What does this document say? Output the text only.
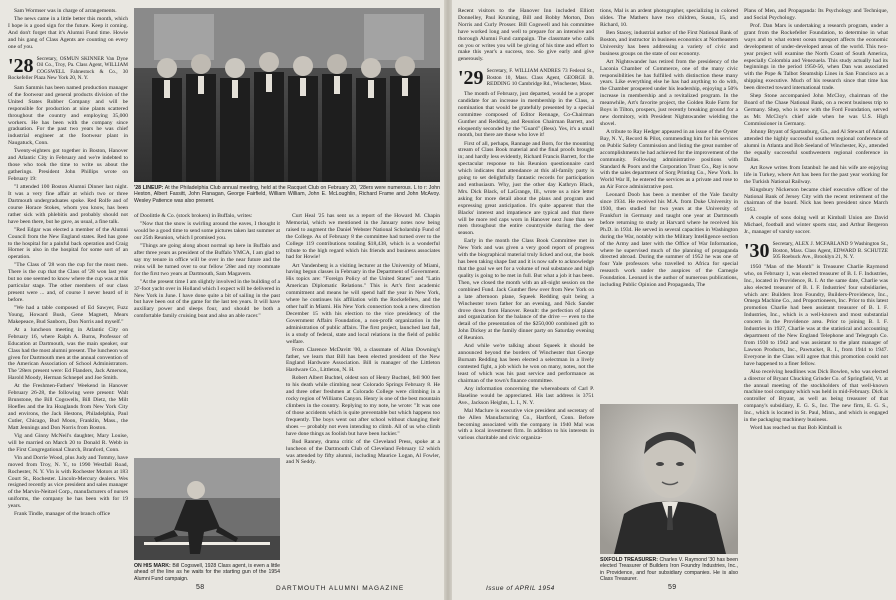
Sam Wormser was in charge of arrangements.

The news came in a little better this month, which I hope is a good sign for the future. Keep it coming. And don't forget that it's Alumni Fund time. Howie and his gang of Class Agents are counting on every one of you.

'28 Secretary, OSMUN SKINNER Van Dyne Oil Co., Troy, Pa. Class Agent, WILLIAM COGSWELL Fahnestock & Co., 30 Rockefeller Plaza New York 20, N. Y.

Sam Sammis has been named production manager of the footwear and general products division of the United States Rubber Company and will be responsible for production at nine plants scattered throughout the country and employing 35,000 workers. He has been with the company since graduation. For the past two years he was chief industrial engineer at the footwear plant in Naugatuck, Conn.

Twenty-eighters got together in Boston, Hanover and Atlantic City in February and we're indebted to those who took the time to write us about the gatherings. President John Phillips wrote on February 19:

"I attended 100 Boston Alumni Dinner last night. It was a very fine affair at which two or three Dartmouth undergraduates spoke. Red Rolfe and of course Horace Stokes, whom you know, has been rather sick with phlebitis and probably should not have been there, but he gave, as usual, a fine talk.

"Red Edgar was elected a member of the Alumni Council from the New England states. Red has gone to the hospital for a painful back operation and Craig Horner is also in the hospital for some sort of an operation.

"The Class of '28 won the cup for the most men. There is the cup that the Class of '28 won last year but no one seemed to know where the cup was at this particular stage. The other members of our class present were ... and, of course I never heard of it before.

"We had a table composed of Ed Sawyer, Fuzz Young, Howard Bush, Gene Magnett, Mears Makepeace, Bud Sanborn, Don Norris and myself."

At a luncheon meeting in Atlantic City on February 16, where Ralph A. Burns, Professor of Education at Dartmouth, was the main speaker, our Class had the most alumni present. The luncheon was given for Dartmouth men at the annual convention of the American Association of School Administrators. The '28ers present were: Ed Flanders, Jack Amerson, Harold Moody, Herman Schnepel and Joe Smith.

At the Freshmen-Fathers' Weekend in Hanover February 26-28, the following were present: Walt Brunstone, the Bill Cogswells, Bill Dietz, the Milt Hoefles and the Ira Hoaglands from New York City and environs, the Jack Hestons, Philadelphia, Paul Cutler, Chicago, Bud Moon, Franklin, Mass., the Matt Jennings and Don Norris from Boston.

Vig and Ginny McNeil's daughter, Mary Louise, will be married on March 20 to Donald R. Webb in the First Congregational Church, Branford, Conn.

Vin and Dorrie Wood, plus Judy and Tommy, have moved from Troy, N. Y., to 1990 Westfall Road, Rochester, N. Y. Vin is with Rochester Motors at 183 Court St., Rochester. Lincoln-Mercury dealers. Wes resigned recently as vice president and sales manager of the Marvin-Neitzel Corp., manufacturers of nurses uniforms, the company he has been with for 19 years.

Frank Tindle, manager of the branch office

'28 LINEUP: At the Philadelphia Club annual meeting, held at the Racquet Club on February 20, '28ers were numerous. L to r: John Heston, Albert Fassitt, John Flanagan, George Fairfield, William William, John E. McLoughlin, Richard Frame and John McAvoy. Wesley Patience was also present.

of Doolittle & Co. (stock brokers) in Buffalo, writes:

"Now that the snow is swirling around the eaves, I thought it would be a good time to send some pictures taken last summer at our 25th Reunion, which I promised you.

"Things are going along about normal up here in Buffalo and after three years as president of the Buffalo YMCA, I am glad to say my tenure in office will be over in the near future and the reins will be turned over to our fellow '28er and my roommate for the first two years at Dartmouth, Sam Magavern.

"At the present time I am slightly involved in the building of a 37-foot yacht over in Holland which I expect will be delivered in New York in June. I have done quite a bit of sailing in the past but have been out of the game for the last ten years. It will have auxiliary power and sleeps four, and should be both a comfortable family cruising boat and also an able racer."

ON HIS MARK: Bill Cogswell, 1928 Class agent, is even a little ahead of the line as he waits for the starting gun of the 1954 Alumni Fund campaign.

Curt Heal '25 has sent us a report of the Howard M. Chapin Memorial, which we mentioned in the January notes now being raised to augment the Daniel Webster National Scholarship Fund of the College. As of February 8 the committee had turned over to the College 119 contributions totaling $18,438, which is a wonderful tribute to the high regard which his friends and business associates had for Howie!

Art Vandenberg is a visiting lecturer at the University of Miami, having begun classes in February in the Department of Government. His topics are: "Foreign Policy of the United States" and "Latin American Diplomatic Relations." This is Art's first academic commitment and means he will spend half the year in New York, where he continues his affiliation with the Rockefellers, and the other half in Miami. His New York connection took a new direction December 15 with his election to the vice presidency of the Government Affairs Foundation, a non-profit organization in the administration of public affairs. The first project, launched last fall, is a study of federal, state and local relations in the field of public welfare.

From Clarence McDavitt '00, a classmate of Allan Downing's father, we learn that Bill has been elected president of the New England Hardware Association. Bill is manager of the Littleton Hardware Co., Littleton, N. H.

Robert Albert Buchtel, oldest son of Henry Buchtel, fell 900 feet to his death while climbing near Colorado Springs February 8. He and three other freshmen at Colorado College were climbing in a rocky region of Williams Canyon. Henry is one of the best mountain climbers in the country. Replying to my note, he wrote: "It was one of those accidents which is quite preventable but which happens too frequently. The boys went out after school without changing their shoes — probably not even intending to climb. All of us who climb have done things as foolish but have been luckier."

Bud Ranney, drama critic of the Cleveland Press, spoke at a luncheon of the Dartmouth Club of Cleveland February 12 which was attended by fifty alumni, including Maurice Logan, Al Fowler, and N Seddy.

58	DARTMOUTH ALUMNI MAGAZINE

Recent visitors to the Hanover Inn included Elliott Donnelley, Paul Kruming, Bill and Bobby Morton, Don Norris and Curly Prosser. Bill Cogswell and his committee have worked long and well to prepare for an intensive and thorough Alumni Fund campaign. The classmate who calls on you or writes you will be giving of his time and effort to make this year's a success, too. So give early and give generously.

'29 Secretary, F. WILLIAM ANDRES 73 Federal St., Boston 10, Mass. Class Agent, GEORGE B. REDDING 10 Cambridge Rd., Winchester, Mass.

The month of February, just departed, would be a proper candidate for an increase in membership in the Class, a nomination that would be gratefully presented by a special committee composed of Editor Rennage, Co-Chairman Gunther and Redding, and Reunion Chairman Barrett, and eloquently seconded by the "Guard" (Bess). Yes, it's a small month, but there are those who love it!

First of all, perhaps, Rannage and Born, for the mounting stream of Class Book material and the final proofs brought in; and hardly less evidently, Richard Francis Barrett, for the spectacular response to his Reunion questionnaire card which indicates that attendance at this all-family party is going to set delightfully fantastic records for participation and enthusiasm. Why, just the other day Kathryn Black, Mrs. Dick Black, of LaGrange, Ill., wrote us a nice letter asking for more detail about the plans and program and expressing great anticipation. It's quite apparent that the Blacks' interest and impatience are typical and that there will be more red caps worn in Hanover next June than we men throughout the entire countryside during the deer season.

Early in the month the Class Book Committee met in New York and was given a very good report of progress with the biographical material truly licked and out, the book has been taking shape fast and it is now safe to acknowledge that the goal we set for a volume of real substance and high quality is going to be met in full. But what a job it has been. Then, we closed the month with an all-night session on the combined Fund. Jack Gunther flew over from New York on a late afternoon plane, Squeek Redding quit being a Winchester town father for an evening, and Nick Sander drove down from Hanover. Result: the perfection of plans and organization for the balance of the drive — even to the detail of the presentation of the $250,000 combined gift to John Dickey at the family dinner party on Saturday evening of Reunion.

And while we're talking about Squeek it should be announced beyond the borders of Winchester that George Burnam Redding has been elected a selectman in a lively contested fight, a job which he won on many, notes, not the least of which was his past service and performance as chairman of the town's finance committee.

Any information concerning the whereabouts of Carl P. Haseline would be appreciated. His last address is 3751 Ave., Jackson Heights, L. I., N. Y.

Mal Maclure is executive vice president and secretary of the Allen Manufacturing Co., Hartford, Conn. Before becoming associated with the company in 1940 Mal was with a local investment firm. In addition to his interests in various charitable and civic organiza-

tions, Mal is an ardent photographer, specializing in colored slides. The Mathers have two children, Susan, 15, and Richard, 10.

Ben Stacey, industrial author of the First National Bank of Boston, and instructor in business economics at Northeastern University has been addressing a variety of civic and business groups on the state of our economy.

Art Nightswander has retired from the presidency of the Laconia Chamber of Commerce, one of the many civic responsibilities he has fulfilled with distinction these many years. Like everything else he has had anything to do with, the Chamber prospered under his leadership, enjoying a 50% increase in membership and a revitalized program. In the meanwhile, Art's favorite project, the Golden Rule Farm for Boys in Tilton, prospers, just recently breaking ground for a new dormitory, with President Nightswander wielding the shovel.

A tribute to Ray Hedger appeared in an issue of the Oyster Bay, N. Y., Record & Pilot, commending him for his services on Public Safety Commission and listing the great number of accomplishments he had achieved for the improvement of the community. Following administrative positions with Standard & Poors and the Corporation Trust Co., Ray is now with the sales department of Sorg Printing Co., New York. In World War II, he entered the services as a private and rose to an Air Force administrative post.

Leonard Doob has been a member of the Yale faculty since 1934. He received his M.A. from Duke University in 1930, then studied for two years at the University of Frankfurt in Germany and taught one year at Dartmouth before returning to study at Harvard where he received his Ph.D. in 1934. He served in several capacities in Washington during the War, notably with the Military Intelligence section of the Army and later with the Office of War Information, where he supervised much of the planning of propaganda directed abroad. During the summer of 1952 he was one of four Yale professors who travelled to Africa for special research work under the auspices of the Carnegie Foundation. Leonard is the author of numerous publications, including Public Opinion and Propaganda, The

SIXFOLD TREASURER: Charles V. Raymond '30 has been elected Treasurer of Builders Iron Foundry Industries, Inc., in Providence, and four subsidiary companies. He is also Class Treasurer.

Plans of Men, and Propaganda: Its Psychology and Technique, and Social Psychology.

Prof. Dan Mars is undertaking a research program, under a grant from the Rockefeller Foundation, to determine in what ways and to what extent ocean transport affects the economic development of under-developed areas of the world. This two-year project will examine the North Coast of South America, especially Colombia and Venezuela. This study actually had its beginnings in the period 1950-56, when Dan was associated with the Pope & Talbot Steamship Lines in San Francisco as a shipping executive. Much of his research since that time has been directed toward international trade.

Shep Stone accompanied John McCloy, chairman of the Board of the Chase National Bank, on a recent business trip to Germany. Shep, who is now with the Ford Foundation, served as Mr. McCloy's chief aide when he was U.S. High Commissioner in Germany.

Johnny Bryant of Spartanburg, Ga., and Al Stewart of Atlanta attended the highly successful southern regional conference of alumni in Atlanta and Bob Seeland of Winchester, Ky., attended the equally successful southwestern regional conference in Dallas.

Art Rowe writes from Istanbul: he and his wife are enjoying life in Turkey, where Art has been for the past year working for the Turkish National Railway.

Kingsbury Nickerson became chief executive officer of the National Bank of Jersey City with the recent retirement of the chairman of the board. Nick has been president since March 1953.

A couple of sons doing well at Kimball Union are David Michael, football and winter sports star, and Arthur Bergeron Jr., manager of varsity soccer.

'30 Secretary, ALEX J. MCFARLAND 9 Washington St., Boston, Mass. Class Agent, EDWARD B. SCHUTZE 505 Roebuck Ave., Brooklyn 21, N. Y.

1950 "Man of the Month" is Treasurer Charlie Raymond who, on February 1, was elected treasurer of B. I. F. Industries, Inc., located in Providence, R. I. At the same date, Charlie was also elected treasurer of B. I. F. Industries' four subsidiaries, which are: Builders Iron Foundry, Builders-Providence, Inc., Omega Machine Co., and Proportioneers, Inc. Prior to this latest promotion Charlie had been assistant treasurer of B. I. F. Industries, Inc., which is a well-known and most substantial concern in the Providence area. Prior to joining B. I. F. Industries in 1927, Charlie was at the statistical and accounting department of the New England Telephone and Telegraph Co. from 1930 to 1942 and was assistant to the plant manager of Lawson Products, Inc., Pawtucket, R. I., from 1944 to 1947. Everyone in the Class will agree that this promotion could not have happened to a finer fellow.

Also receiving headlines was Dick Bowlen, who was elected a director of Bryant Chucking Grinder Co. of Springfield, Vt. at the annual meeting of the stockholders of that well-known machine tool company which was held in mid-February. Dick is controller of Bryant, as well as being treasurer of that company's subsidiary, E. G. S., Inc. The new firm, E. G. S., Inc., which is located in St. Paul, Minn., and which is engaged in the packaging machinery business.

Word has reached us that Bob Kimball is

Issue of APRIL 1954	59
